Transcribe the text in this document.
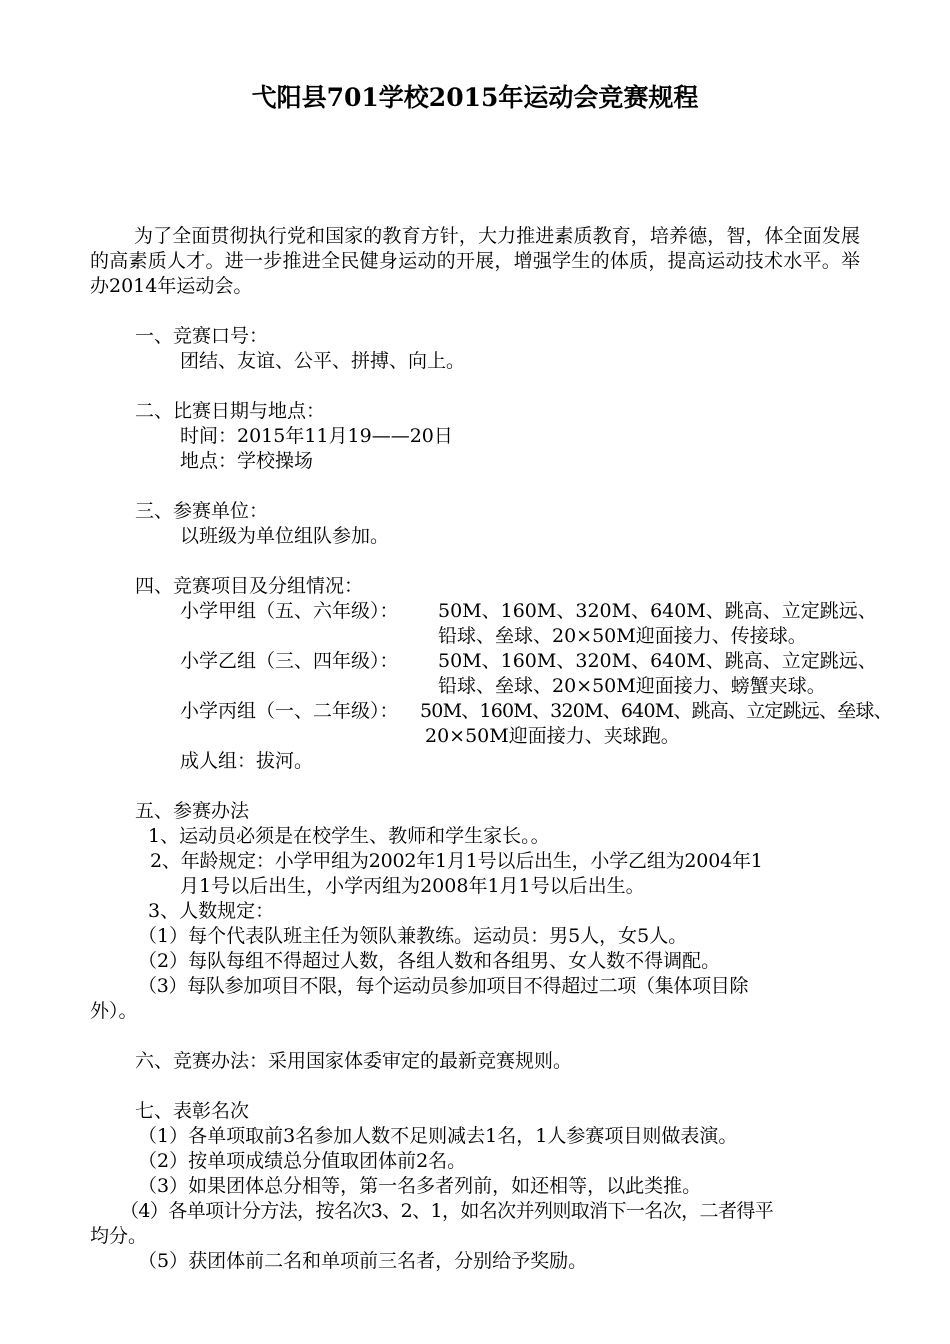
弋阳县701学校2015年运动会竞赛规程
为了全面贯彻执行党和国家的教育方针，大力推进素质教育，培养德，智，体全面发展的高素质人才。进一步推进全民健身运动的开展，增强学生的体质，提高运动技术水平。举办2014年运动会。
一、竞赛口号：
团结、友谊、公平、拼搏、向上。
二、比赛日期与地点：
时间：2015年11月19——20日
地点：学校操场
三、参赛单位：
以班级为单位组队参加。
四、竞赛项目及分组情况：
小学甲组（五、六年级）： 50M、160M、320M、640M、跳高、立定跳远、
铅球、垒球、20×50M迎面接力、传接球。
小学乙组（三、四年级）： 50M、160M、320M、640M、跳高、立定跳远、
铅球、垒球、20×50M迎面接力、螃蟹夹球。
小学丙组（一、二年级）： 50M、160M、320M、640M、跳高、立定跳远、垒球、
20×50M迎面接力、夹球跑。
成人组：拔河。
五、参赛办法
1、运动员必须是在校学生、教师和学生家长。。
2、年龄规定：小学甲组为2002年1月1号以后出生，小学乙组为2004年1
月1号以后出生，小学丙组为2008年1月1号以后出生。
3、人数规定：
（1）每个代表队班主任为领队兼教练。运动员：男5人，女5人。
（2）每队每组不得超过人数，各组人数和各组男、女人数不得调配。
（3）每队参加项目不限，每个运动员参加项目不得超过二项（集体项目除
外）。
六、竞赛办法：采用国家体委审定的最新竞赛规则。
七、表彰名次
（1）各单项取前3名参加人数不足则减去1名，1人参赛项目则做表演。
（2）按单项成绩总分值取团体前2名。
（3）如果团体总分相等，第一名多者列前，如还相等，以此类推。
（4）各单项计分方法，按名次3、2、1，如名次并列则取消下一名次，二者得平
均分。
（5）获团体前二名和单项前三名者，分别给予奖励。
